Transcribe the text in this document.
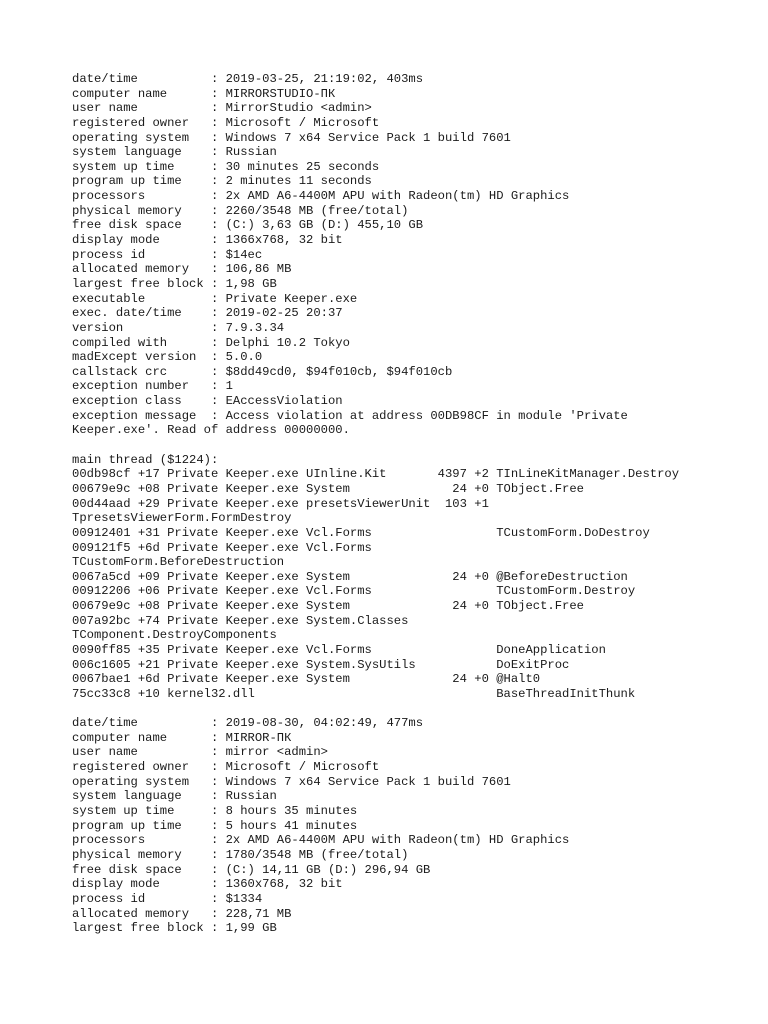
date/time          : 2019-03-25, 21:19:02, 403ms
computer name      : MIRRORSTUDIO-ПК
user name          : MirrorStudio <admin>
registered owner   : Microsoft / Microsoft
operating system   : Windows 7 x64 Service Pack 1 build 7601
system language    : Russian
system up time     : 30 minutes 25 seconds
program up time    : 2 minutes 11 seconds
processors         : 2x AMD A6-4400M APU with Radeon(tm) HD Graphics
physical memory    : 2260/3548 MB (free/total)
free disk space    : (C:) 3,63 GB (D:) 455,10 GB
display mode       : 1366x768, 32 bit
process id         : $14ec
allocated memory   : 106,86 MB
largest free block : 1,98 GB
executable         : Private Keeper.exe
exec. date/time    : 2019-02-25 20:37
version            : 7.9.3.34
compiled with      : Delphi 10.2 Tokyo
madExcept version  : 5.0.0
callstack crc      : $8dd49cd0, $94f010cb, $94f010cb
exception number   : 1
exception class    : EAccessViolation
exception message  : Access violation at address 00DB98CF in module 'Private
Keeper.exe'. Read of address 00000000.
main thread ($1224):
00db98cf +17 Private Keeper.exe UInline.Kit       4397 +2 TInLineKitManager.Destroy
00679e9c +08 Private Keeper.exe System              24 +0 TObject.Free
00d44aad +29 Private Keeper.exe presetsViewerUnit  103 +1
TpresetsViewerForm.FormDestroy
00912401 +31 Private Keeper.exe Vcl.Forms                 TCustomForm.DoDestroy
009121f5 +6d Private Keeper.exe Vcl.Forms
TCustomForm.BeforeDestruction
0067a5cd +09 Private Keeper.exe System              24 +0 @BeforeDestruction
00912206 +06 Private Keeper.exe Vcl.Forms                 TCustomForm.Destroy
00679e9c +08 Private Keeper.exe System              24 +0 TObject.Free
007a92bc +74 Private Keeper.exe System.Classes
TComponent.DestroyComponents
0090ff85 +35 Private Keeper.exe Vcl.Forms                 DoneApplication
006c1605 +21 Private Keeper.exe System.SysUtils           DoExitProc
0067bae1 +6d Private Keeper.exe System              24 +0 @Halt0
75cc33c8 +10 kernel32.dll                                 BaseThreadInitThunk
date/time          : 2019-08-30, 04:02:49, 477ms
computer name      : MIRROR-ПК
user name          : mirror <admin>
registered owner   : Microsoft / Microsoft
operating system   : Windows 7 x64 Service Pack 1 build 7601
system language    : Russian
system up time     : 8 hours 35 minutes
program up time    : 5 hours 41 minutes
processors         : 2x AMD A6-4400M APU with Radeon(tm) HD Graphics
physical memory    : 1780/3548 MB (free/total)
free disk space    : (C:) 14,11 GB (D:) 296,94 GB
display mode       : 1360x768, 32 bit
process id         : $1334
allocated memory   : 228,71 MB
largest free block : 1,99 GB
